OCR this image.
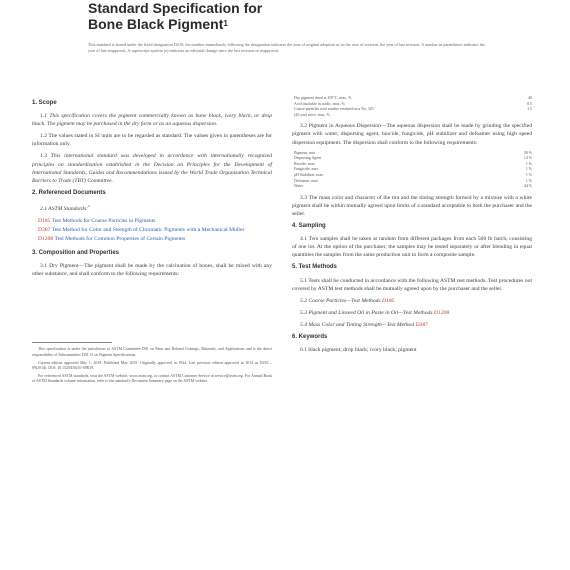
Standard Specification for
Bone Black Pigment$^1$
This standard is issued under the fixed designation D210; the number immediately following the designation indicates the year of original adoption or, in the case of revision, the year of last revision. A number in parentheses indicates the year of last reapproval. A superscript epsilon (ε) indicates an editorial change since the last revision or reapproval.
1. Scope
1.1 This specification covers the pigment commercially known as bone black, ivory black, or drop black. The pigment may be purchased in the dry form or as an aqueous dispersion.
1.2 The values stated in SI units are to be regarded as standard. The values given in parentheses are for information only.
1.3 This international standard was developed in accordance with internationally recognized principles on standardization established in the Decision on Principles for the Development of International Standards, Guides and Recommendations issued by the World Trade Organization Technical Barriers to Trade (TBT) Committee.
2. Referenced Documents
2.1 ASTM Standards:$^2$
D185 Test Methods for Coarse Particles in Pigments
D387 Test Method for Color and Strength of Chromatic Pigments with a Mechanical Muller
D1208 Test Methods for Common Properties of Certain Pigments
3. Composition and Properties
3.1 Dry Pigment—The pigment shall be made by the calcination of bones, shall be mixed with any other substance, and shall conform to the following requirements:
This specification is under the jurisdiction of ASTM Committee D01 on Paint and Related Coatings, Materials, and Applications and is the direct responsibility of Subcommittee D01.31 on Pigment Specifications.
Current edition approved May 1, 2019. Published May 2019. Originally approved in 1924. Last previous edition approved in 2014 as D210 – 09(2014). DOI: 10.1520/D0210-09R19.
For referenced ASTM standards, visit the ASTM website, www.astm.org, or contact ASTM Customer Service at service@astm.org. For Annual Book of ASTM Standards volume information, refer to the standard's Document Summary page on the ASTM website.
Dry pigment dried at 105°C, max, %	40
Acid insoluble in acidic, max, %	0.5
Coarse particles total residue retained on a No. 325	1.5
(45-μm) sieve, max, %
3.2 Pigment in Aqueous Dispersion—The aqueous dispersion shall be made by grinding the specified pigment with water, dispersing agent, biocide, fungicide, pH stabilizer and defoamer using high speed dispersion equipment. The dispersion shall conform to the following requirements:
Pigment, min	30 %
Dispersing Agent	14 %
Biocide, max	1 %
Fungicide, max	1 %
pH Stabilizer, max	1 %
Defoamer, max	1 %
Water	44 %
3.3 The mass color and character of the tint and the tinting strength formed by a mixture with a white pigment shall be within mutually agreed upon limits of a standard acceptable to both the purchaser and the seller.
4. Sampling
4.1 Two samples shall be taken at random from different packages from each 500 lb batch, consisting of one lot. At the option of the purchaser, the samples may be tested separately or after blending in equal quantities the samples from the same production unit to form a composite sample.
5. Test Methods
5.1 Tests shall be conducted in accordance with the following ASTM test methods. Test procedures not covered by ASTM test methods shall be mutually agreed upon by the purchaser and the seller.
5.2 Coarse Particles—Test Methods D185
5.3 Pigment and Linseed Oil in Paste in Oil—Test Methods D1208
5.4 Mass Color and Tinting Strength—Test Method D387
6. Keywords
6.1 black pigment; drop black; ivory black; pigment
